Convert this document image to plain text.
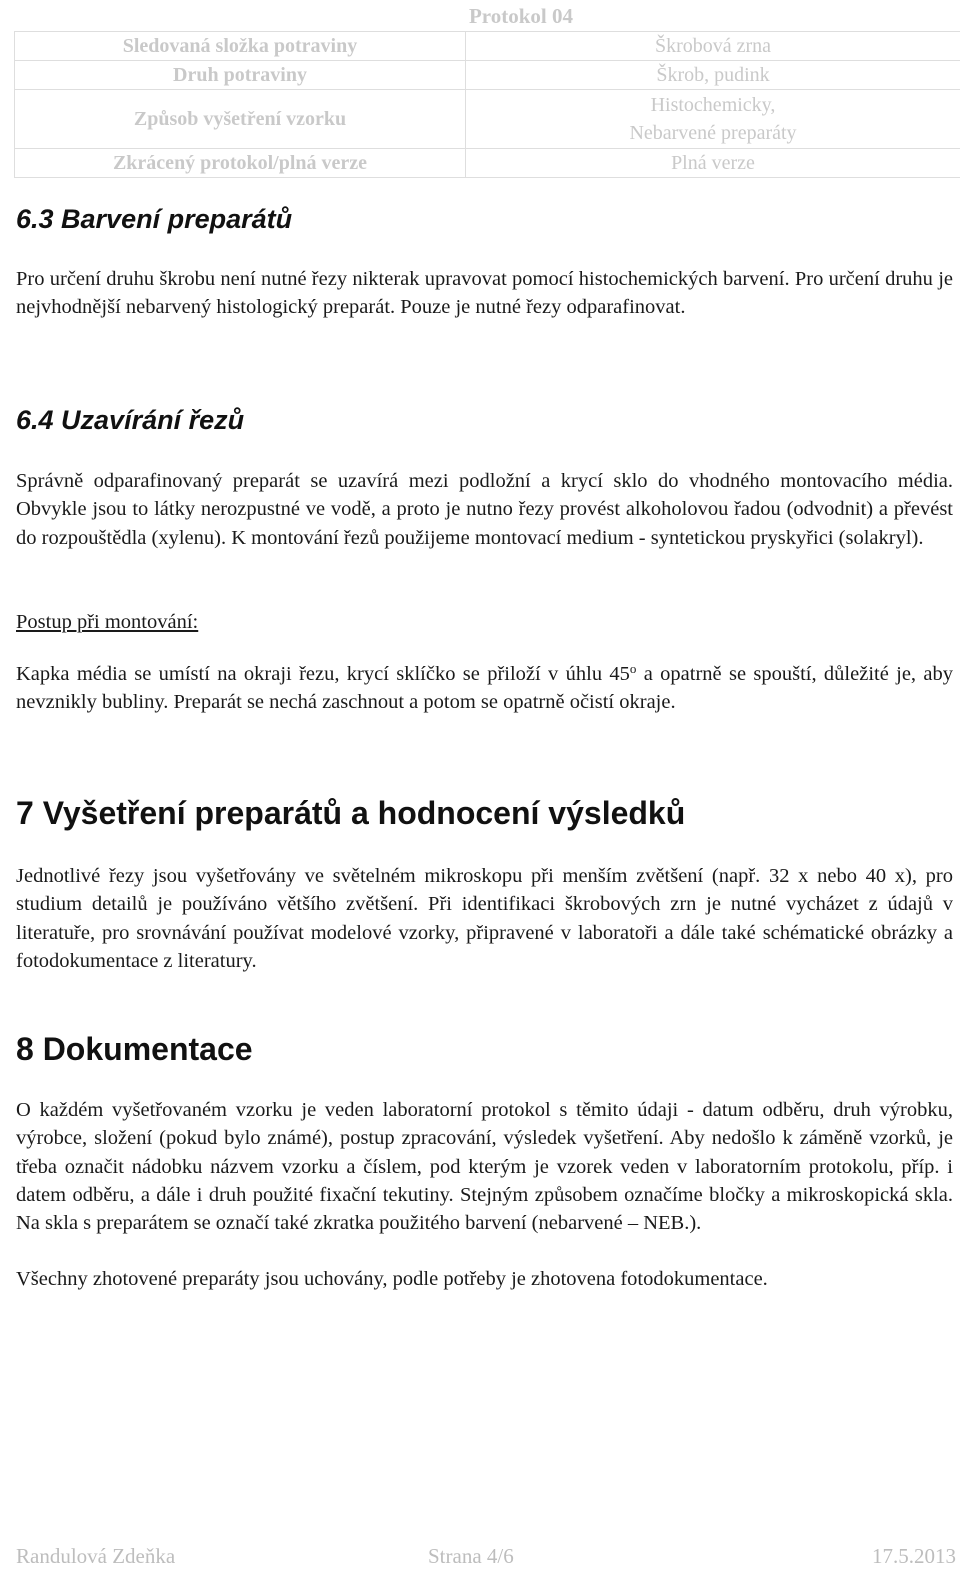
Protokol 04
Sledovaná složka potraviny	Škrobová zrna
Druh potraviny	Škrob, pudink
Způsob vyšetření vzorku	Histochemicky,
Nebarvené preparáty

Zkrácený protokol/plná verze	Plná verze
6.3 Barvení preparátů

Pro určení druhu škrobu není nutné řezy nikterak upravovat pomocí histochemických barvení. Pro určení druhu je nejvhodnější nebarvený histologický preparát. Pouze je nutné řezy odparafinovat.

6.4 Uzavírání řezů

Správně odparafinovaný preparát se uzavírá mezi podložní a krycí sklo do vhodného montovacího média. Obvykle jsou to látky nerozpustné ve vodě, a proto je nutno řezy provést alkoholovou řadou (odvodnit) a převést do rozpouštědla (xylenu). K montování řezů použijeme montovací medium - syntetickou pryskyřici (solakryl).

Postup při montování:

Kapka média se umístí na okraji řezu, krycí sklíčko se přiloží v úhlu 45$^o$ a opatrně se spouští, důležité je, aby nevznikly bubliny. Preparát se nechá zaschnout a potom se opatrně očistí okraje.

7 Vyšetření preparátů a hodnocení výsledků

Jednotlivé řezy jsou vyšetřovány ve světelném mikroskopu při menším zvětšení (např. 32 x nebo 40 x), pro studium detailů je používáno většího zvětšení. Při identifikaci škrobových zrn je nutné vycházet z údajů v literatuře, pro srovnávání používat modelové vzorky, připravené v laboratoři a dále také schématické obrázky a fotodokumentace z literatury.

8 Dokumentace

O každém vyšetřovaném vzorku je veden laboratorní protokol s těmito údaji - datum odběru, druh výrobku, výrobce, složení (pokud bylo známé), postup zpracování, výsledek vyšetření. Aby nedošlo k záměně vzorků, je třeba označit nádobku názvem vzorku a číslem, pod kterým je vzorek veden v laboratorním protokolu, příp. i datem odběru, a dále i druh použité fixační tekutiny. Stejným způsobem označíme bločky a mikroskopická skla. Na skla s preparátem se označí také zkratka použitého barvení (nebarvené – NEB.).

Všechny zhotovené preparáty jsou uchovány, podle potřeby je zhotovena fotodokumentace.

Randulová Zdeňka	Strana 4/6	17.5.2013
